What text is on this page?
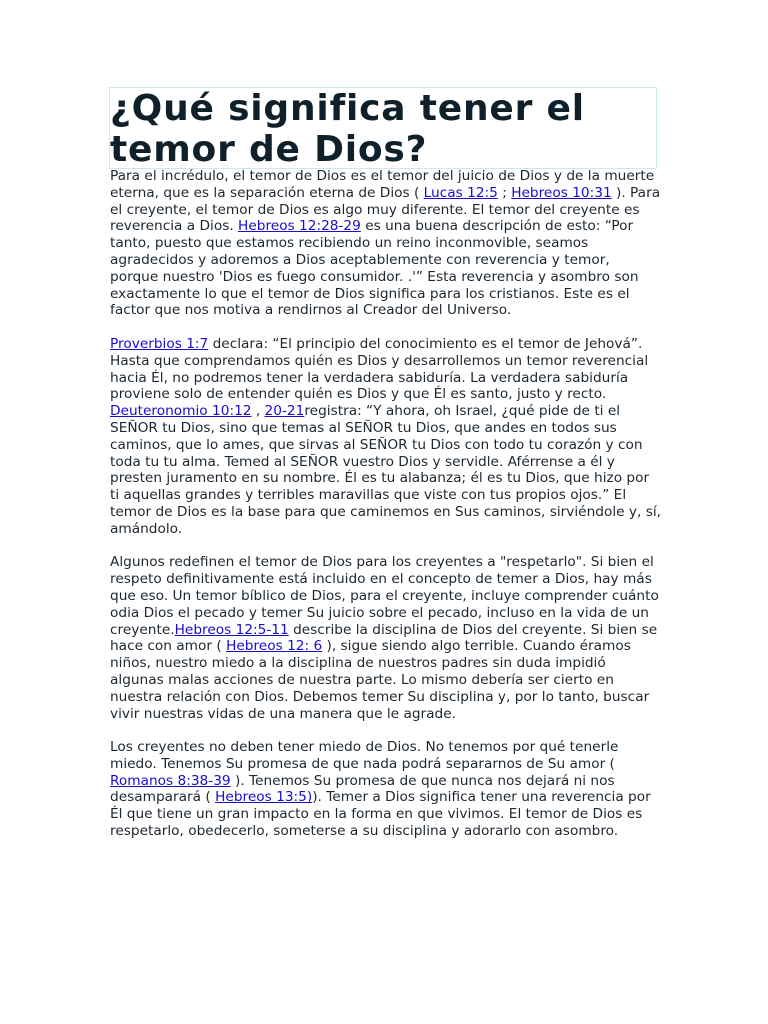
¿Qué significa tener el
temor de Dios?

Para el incrédulo, el temor de Dios es el temor del juicio de Dios y de la muerte eterna, que es la separación eterna de Dios ( Lucas 12:5 ; Hebreos 10:31 ). Para el creyente, el temor de Dios es algo muy diferente. El temor del creyente es reverencia a Dios. Hebreos 12:28-29 es una buena descripción de esto: “Por tanto, puesto que estamos recibiendo un reino inconmovible, seamos agradecidos y adoremos a Dios aceptablemente con reverencia y temor, porque nuestro 'Dios es fuego consumidor. .'” Esta reverencia y asombro son exactamente lo que el temor de Dios significa para los cristianos. Este es el factor que nos motiva a rendirnos al Creador del Universo.

Proverbios 1:7 declara: “El principio del conocimiento es el temor de Jehová”. Hasta que comprendamos quién es Dios y desarrollemos un temor reverencial hacia Él, no podremos tener la verdadera sabiduría. La verdadera sabiduría proviene solo de entender quién es Dios y que Él es santo, justo y recto. Deuteronomio 10:12 , 20-21registra: “Y ahora, oh Israel, ¿qué pide de ti el SEÑOR tu Dios, sino que temas al SEÑOR tu Dios, que andes en todos sus caminos, que lo ames, que sirvas al SEÑOR tu Dios con todo tu corazón y con toda tu tu alma. Temed al SEÑOR vuestro Dios y servidle. Aférrense a él y presten juramento en su nombre. Él es tu alabanza; él es tu Dios, que hizo por ti aquellas grandes y terribles maravillas que viste con tus propios ojos.” El temor de Dios es la base para que caminemos en Sus caminos, sirviéndole y, sí, amándolo.

Algunos redefinen el temor de Dios para los creyentes a "respetarlo". Si bien el respeto definitivamente está incluido en el concepto de temer a Dios, hay más que eso. Un temor bíblico de Dios, para el creyente, incluye comprender cuánto odia Dios el pecado y temer Su juicio sobre el pecado, incluso en la vida de un creyente.Hebreos 12:5-11 describe la disciplina de Dios del creyente. Si bien se hace con amor ( Hebreos 12: 6 ), sigue siendo algo terrible. Cuando éramos niños, nuestro miedo a la disciplina de nuestros padres sin duda impidió algunas malas acciones de nuestra parte. Lo mismo debería ser cierto en nuestra relación con Dios. Debemos temer Su disciplina y, por lo tanto, buscar vivir nuestras vidas de una manera que le agrade.

Los creyentes no deben tener miedo de Dios. No tenemos por qué tenerle miedo. Tenemos Su promesa de que nada podrá separarnos de Su amor ( Romanos 8:38-39 ). Tenemos Su promesa de que nunca nos dejará ni nos desamparará ( Hebreos 13:5)). Temer a Dios significa tener una reverencia por Él que tiene un gran impacto en la forma en que vivimos. El temor de Dios es respetarlo, obedecerlo, someterse a su disciplina y adorarlo con asombro.
